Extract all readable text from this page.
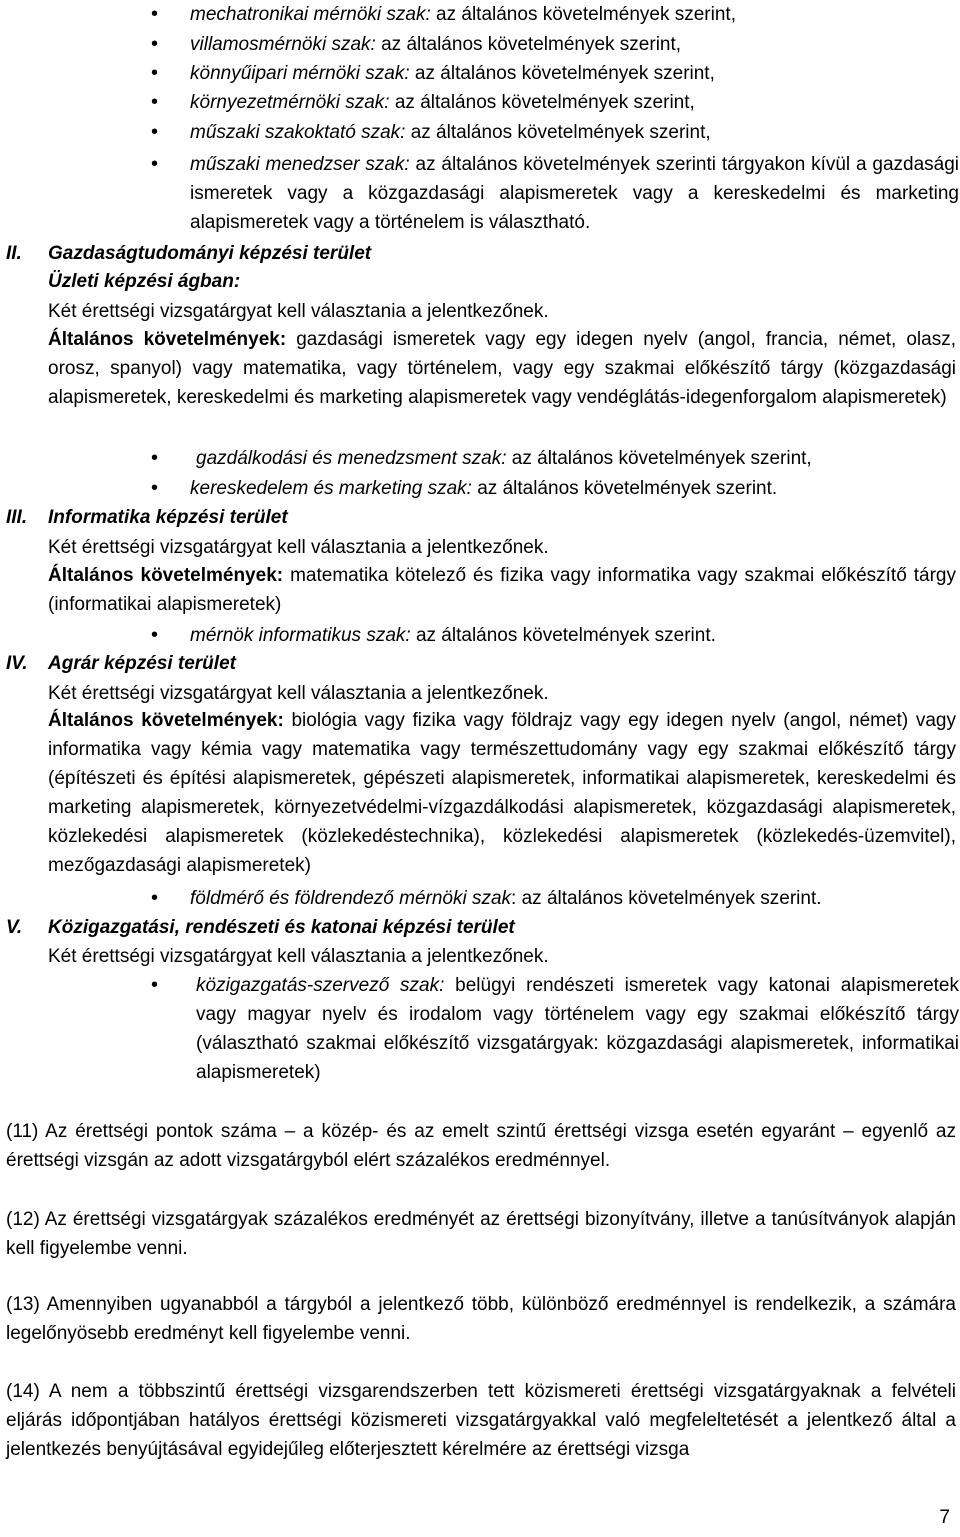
• mechatronikai mérnöki szak: az általános követelmények szerint,
• villamosmérnöki szak: az általános követelmények szerint,
• könnyűipari mérnöki szak: az általános követelmények szerint,
• környezetmérnöki szak: az általános követelmények szerint,
• műszaki szakoktató szak: az általános követelmények szerint,
• műszaki menedzser szak: az általános követelmények szerinti tárgyakon kívül a gazdasági ismeretek vagy a közgazdasági alapismeretek vagy a kereskedelmi és marketing alapismeretek vagy a történelem is választható.
II. Gazdaságtudományi képzési terület
Üzleti képzési ágban:
Két érettségi vizsgatárgyat kell választania a jelentkezőnek.
Általános követelmények: gazdasági ismeretek vagy egy idegen nyelv (angol, francia, német, olasz, orosz, spanyol) vagy matematika, vagy történelem, vagy egy szakmai előkészítő tárgy (közgazdasági alapismeretek, kereskedelmi és marketing alapismeretek vagy vendéglátás-idegenforgalom alapismeretek)
• gazdálkodási és menedzsment szak: az általános követelmények szerint,
• kereskedelem és marketing szak: az általános követelmények szerint.
III. Informatika képzési terület
Két érettségi vizsgatárgyat kell választania a jelentkezőnek.
Általános követelmények: matematika kötelező és fizika vagy informatika vagy szakmai előkészítő tárgy (informatikai alapismeretek)
• mérnök informatikus szak: az általános követelmények szerint.
IV. Agrár képzési terület
Két érettségi vizsgatárgyat kell választania a jelentkezőnek.
Általános követelmények: biológia vagy fizika vagy földrajz vagy egy idegen nyelv (angol, német) vagy informatika vagy kémia vagy matematika vagy természettudomány vagy egy szakmai előkészítő tárgy (építészeti és építési alapismeretek, gépészeti alapismeretek, informatikai alapismeretek, kereskedelmi és marketing alapismeretek, környezetvédelmi-vízgazdálkodási alapismeretek, közgazdasági alapismeretek, közlekedési alapismeretek (közlekedéstechnika), közlekedési alapismeretek (közlekedés-üzemvitel), mezőgazdasági alapismeretek)
• földmérő és földrendező mérnöki szak: az általános követelmények szerint.
V. Közigazgatási, rendészeti és katonai képzési terület
Két érettségi vizsgatárgyat kell választania a jelentkezőnek.
• közigazgatás-szervező szak: belügyi rendészeti ismeretek vagy katonai alapismeretek vagy magyar nyelv és irodalom vagy történelem vagy egy szakmai előkészítő tárgy (választható szakmai előkészítő vizsgatárgyak: közgazdasági alapismeretek, informatikai alapismeretek)
(11) Az érettségi pontok száma – a közép- és az emelt szintű érettségi vizsga esetén egyaránt – egyenlő az érettségi vizsgán az adott vizsgatárgyból elért százalékos eredménnyel.
(12) Az érettségi vizsgatárgyak százalékos eredményét az érettségi bizonyítvány, illetve a tanúsítványok alapján kell figyelembe venni.
(13) Amennyiben ugyanabból a tárgyból a jelentkező több, különböző eredménnyel is rendelkezik, a számára legelőnyösebb eredményt kell figyelembe venni.
(14) A nem a többszintű érettségi vizsgarendszerben tett közismereti érettségi vizsgatárgyaknak a felvételi eljárás időpontjában hatályos érettségi közismereti vizsgatárgyakkal való megfeleltetését a jelentkező által a jelentkezés benyújtásával egyidejűleg előterjesztett kérelmére az érettségi vizsga
7
